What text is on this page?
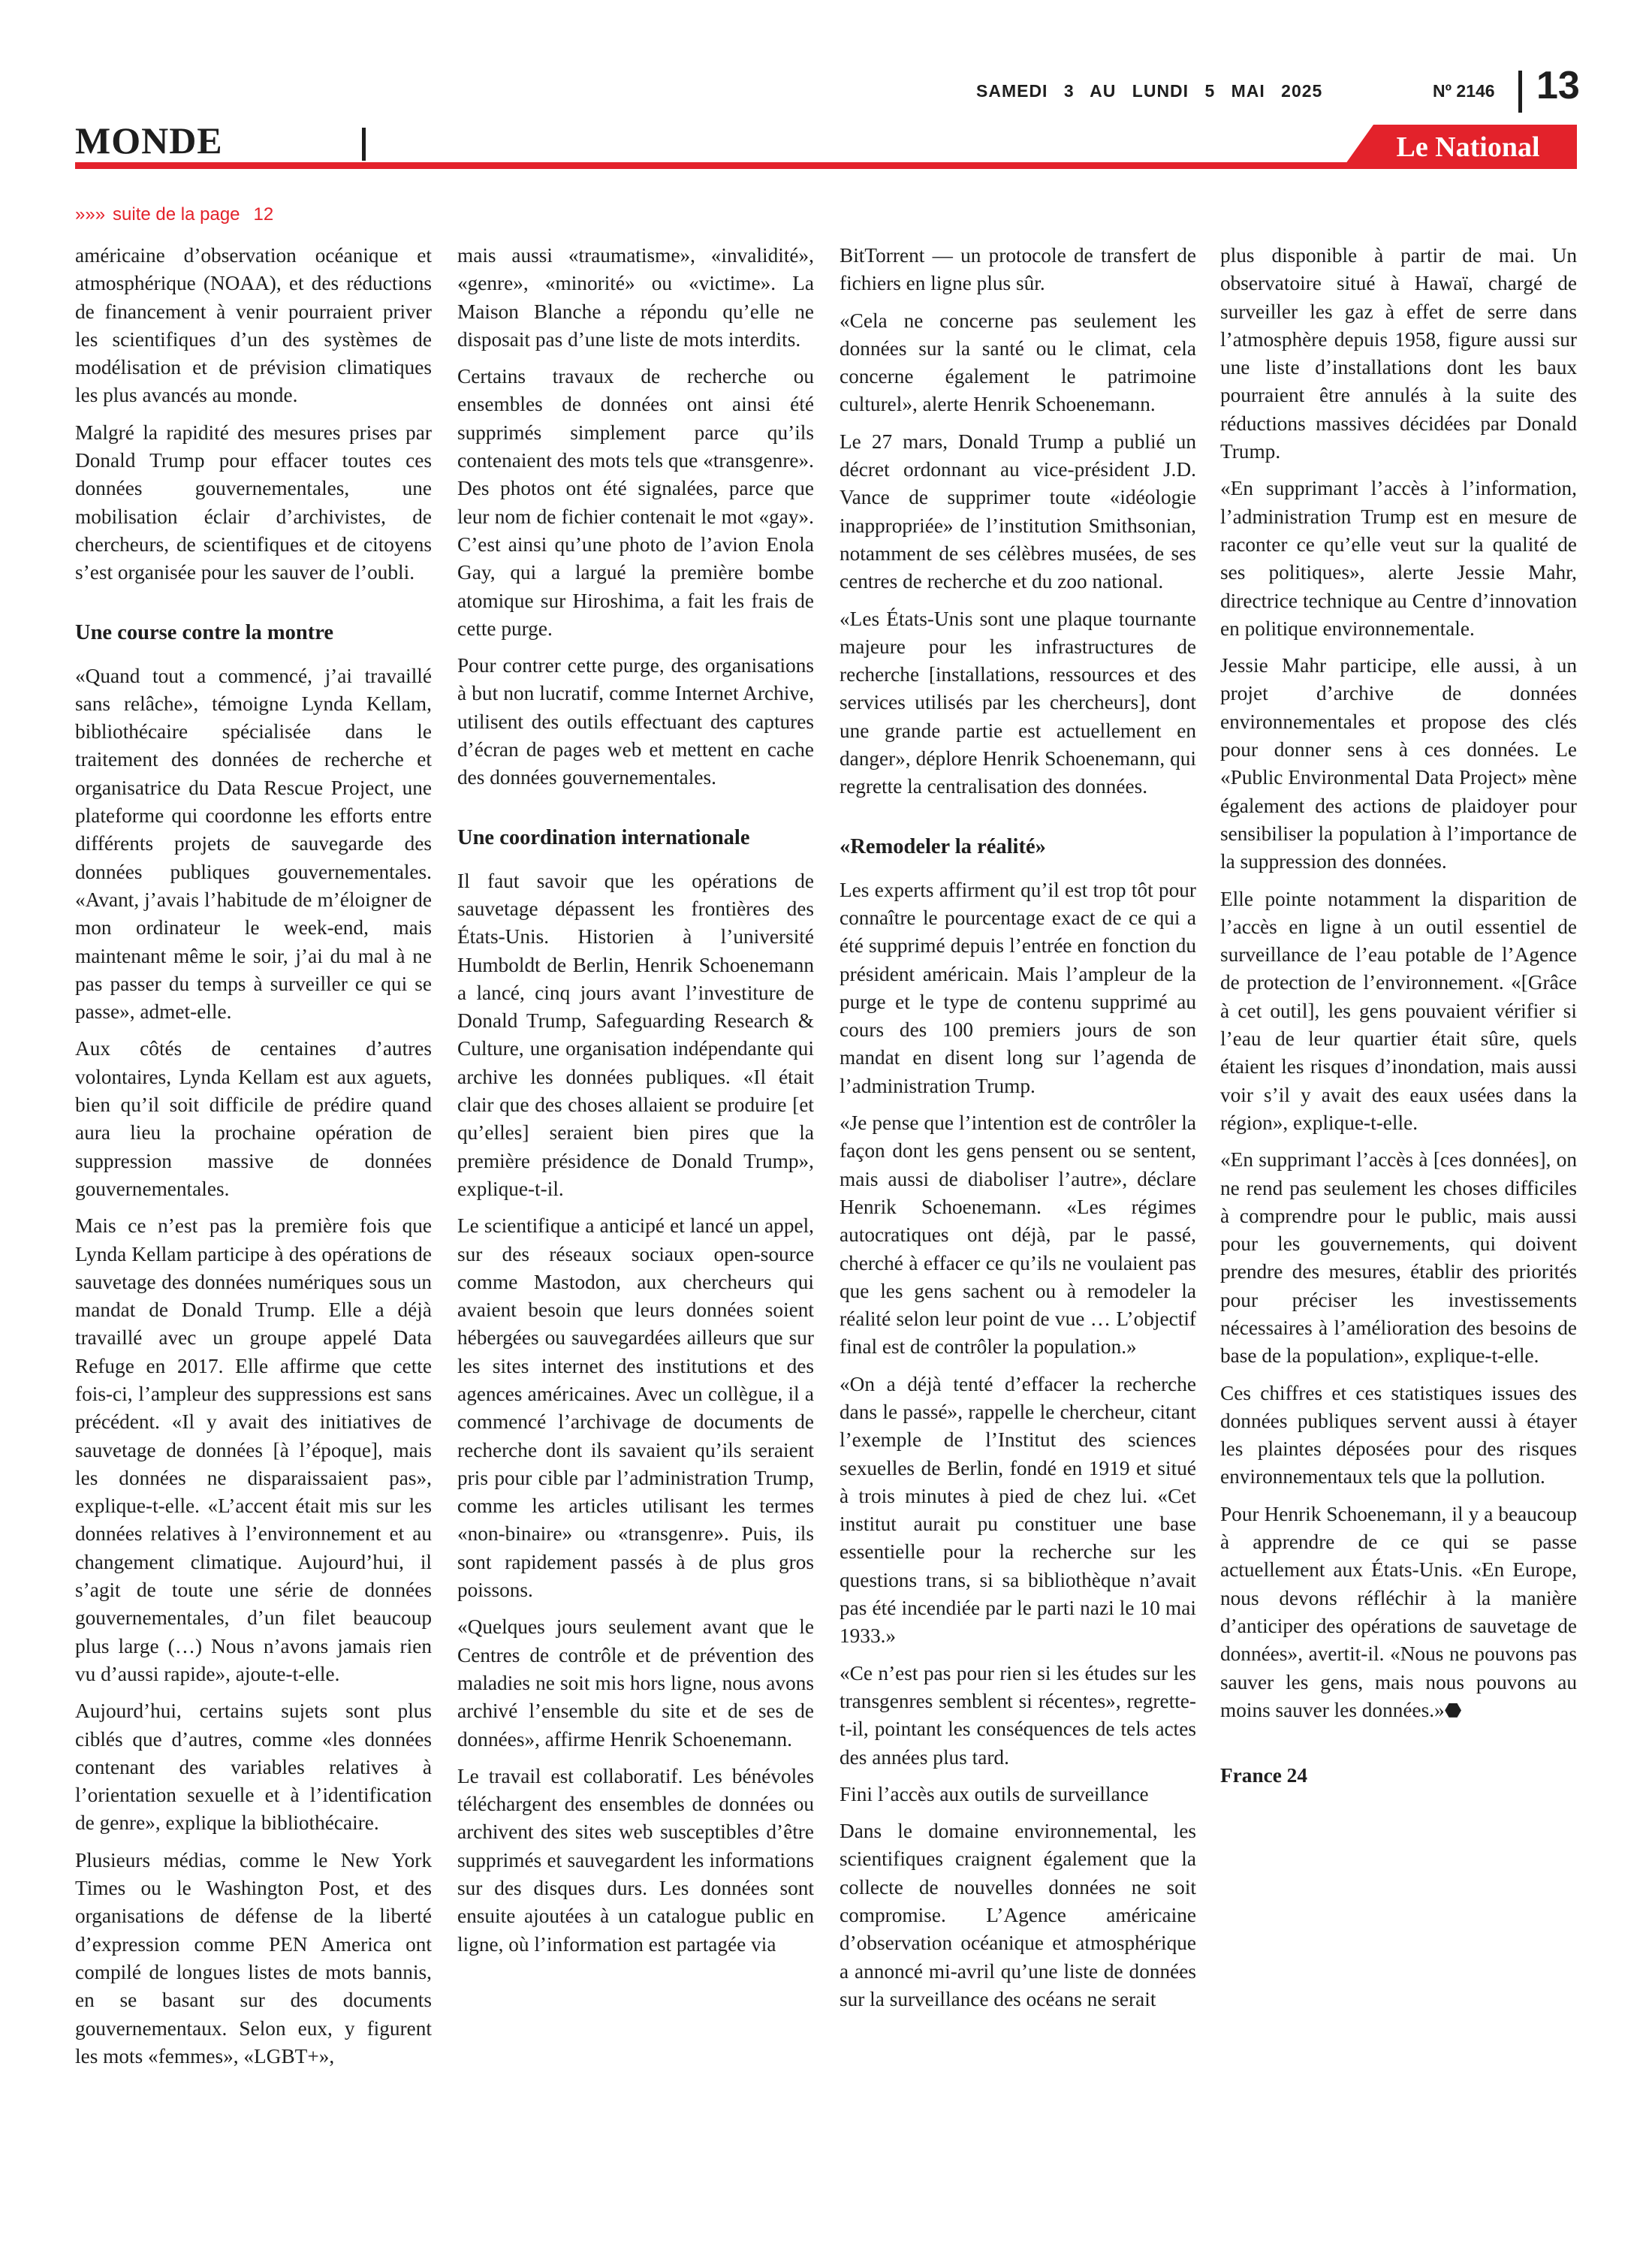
SAMEDI 3 AU LUNDI 5 MAI 2025	Nº 2146 13
MONDE	Le National
»»» suite de la page 12

américaine d’observation océanique et atmosphérique (NOAA), et des réductions de financement à venir pourraient priver les scientifiques d’un des systèmes de modélisation et de prévision climatiques les plus avancés au monde.

Malgré la rapidité des mesures prises par Donald Trump pour effacer toutes ces données gouvernementales, une mobilisation éclair d’archivistes, de chercheurs, de scientifiques et de citoyens s’est organisée pour les sauver de l’oubli.

Une course contre la montre

«Quand tout a commencé, j’ai travaillé sans relâche», témoigne Lynda Kellam, bibliothécaire spécialisée dans le traitement des données de recherche et organisatrice du Data Rescue Project, une plateforme qui coordonne les efforts entre différents projets de sauvegarde des données publiques gouvernementales. «Avant, j’avais l’habitude de m’éloigner de mon ordinateur le week-end, mais maintenant même le soir, j’ai du mal à ne pas passer du temps à surveiller ce qui se passe», admet-elle.

Aux côtés de centaines d’autres volontaires, Lynda Kellam est aux aguets, bien qu’il soit difficile de prédire quand aura lieu la prochaine opération de suppression massive de données gouvernementales.

Mais ce n’est pas la première fois que Lynda Kellam participe à des opérations de sauvetage des données numériques sous un mandat de Donald Trump. Elle a déjà travaillé avec un groupe appelé Data Refuge en 2017. Elle affirme que cette fois-ci, l’ampleur des suppressions est sans précédent. «Il y avait des initiatives de sauvetage de données [à l’époque], mais les données ne disparaissaient pas», explique-t-elle. «L’accent était mis sur les données relatives à l’environnement et au changement climatique. Aujourd’hui, il s’agit de toute une série de données gouvernementales, d’un filet beaucoup plus large (…) Nous n’avons jamais rien vu d’aussi rapide», ajoute-t-elle.

Aujourd’hui, certains sujets sont plus ciblés que d’autres, comme «les données contenant des variables relatives à l’orientation sexuelle et à l’identification de genre», explique la bibliothécaire.

Plusieurs médias, comme le New York Times ou le Washington Post, et des organisations de défense de la liberté d’expression comme PEN America ont compilé de longues listes de mots bannis, en se basant sur des documents gouvernementaux. Selon eux, y figurent les mots «femmes», «LGBT+»,

mais aussi «traumatisme», «invalidité», «genre», «minorité» ou «victime». La Maison Blanche a répondu qu’elle ne disposait pas d’une liste de mots interdits.

Certains travaux de recherche ou ensembles de données ont ainsi été supprimés simplement parce qu’ils contenaient des mots tels que «transgenre». Des photos ont été signalées, parce que leur nom de fichier contenait le mot «gay». C’est ainsi qu’une photo de l’avion Enola Gay, qui a largué la première bombe atomique sur Hiroshima, a fait les frais de cette purge.

Pour contrer cette purge, des organisations à but non lucratif, comme Internet Archive, utilisent des outils effectuant des captures d’écran de pages web et mettent en cache des données gouvernementales.

Une coordination internationale

Il faut savoir que les opérations de sauvetage dépassent les frontières des États-Unis. Historien à l’université Humboldt de Berlin, Henrik Schoenemann a lancé, cinq jours avant l’investiture de Donald Trump, Safeguarding Research & Culture, une organisation indépendante qui archive les données publiques. «Il était clair que des choses allaient se produire [et qu’elles] seraient bien pires que la première présidence de Donald Trump», explique-t-il.

Le scientifique a anticipé et lancé un appel, sur des réseaux sociaux open-source comme Mastodon, aux chercheurs qui avaient besoin que leurs données soient hébergées ou sauvegardées ailleurs que sur les sites internet des institutions et des agences américaines. Avec un collègue, il a commencé l’archivage de documents de recherche dont ils savaient qu’ils seraient pris pour cible par l’administration Trump, comme les articles utilisant les termes «non-binaire» ou «transgenre». Puis, ils sont rapidement passés à de plus gros poissons.

«Quelques jours seulement avant que le Centres de contrôle et de prévention des maladies ne soit mis hors ligne, nous avons archivé l’ensemble du site et de ses de données», affirme Henrik Schoenemann.

Le travail est collaboratif. Les bénévoles téléchargent des ensembles de données ou archivent des sites web susceptibles d’être supprimés et sauvegardent les informations sur des disques durs. Les données sont ensuite ajoutées à un catalogue public en ligne, où l’information est partagée via

BitTorrent — un protocole de transfert de fichiers en ligne plus sûr.

«Cela ne concerne pas seulement les données sur la santé ou le climat, cela concerne également le patrimoine culturel», alerte Henrik Schoenemann.

Le 27 mars, Donald Trump a publié un décret ordonnant au vice-président J.D. Vance de supprimer toute «idéologie inappropriée» de l’institution Smithsonian, notamment de ses célèbres musées, de ses centres de recherche et du zoo national.

«Les États-Unis sont une plaque tournante majeure pour les infrastructures de recherche [installations, ressources et des services utilisés par les chercheurs], dont une grande partie est actuellement en danger», déplore Henrik Schoenemann, qui regrette la centralisation des données.

«Remodeler la réalité»

Les experts affirment qu’il est trop tôt pour connaître le pourcentage exact de ce qui a été supprimé depuis l’entrée en fonction du président américain. Mais l’ampleur de la purge et le type de contenu supprimé au cours des 100 premiers jours de son mandat en disent long sur l’agenda de l’administration Trump.

«Je pense que l’intention est de contrôler la façon dont les gens pensent ou se sentent, mais aussi de diaboliser l’autre», déclare Henrik Schoenemann. «Les régimes autocratiques ont déjà, par le passé, cherché à effacer ce qu’ils ne voulaient pas que les gens sachent ou à remodeler la réalité selon leur point de vue … L’objectif final est de contrôler la population.»

«On a déjà tenté d’effacer la recherche dans le passé», rappelle le chercheur, citant l’exemple de l’Institut des sciences sexuelles de Berlin, fondé en 1919 et situé à trois minutes à pied de chez lui. «Cet institut aurait pu constituer une base essentielle pour la recherche sur les questions trans, si sa bibliothèque n’avait pas été incendiée par le parti nazi le 10 mai 1933.»

«Ce n’est pas pour rien si les études sur les transgenres semblent si récentes», regrette-t-il, pointant les conséquences de tels actes des années plus tard.

Fini l’accès aux outils de surveillance

Dans le domaine environnemental, les scientifiques craignent également que la collecte de nouvelles données ne soit compromise. L’Agence américaine d’observation océanique et atmosphérique a annoncé mi-avril qu’une liste de données sur la surveillance des océans ne serait

plus disponible à partir de mai. Un observatoire situé à Hawaï, chargé de surveiller les gaz à effet de serre dans l’atmosphère depuis 1958, figure aussi sur une liste d’installations dont les baux pourraient être annulés à la suite des réductions massives décidées par Donald Trump.

«En supprimant l’accès à l’information, l’administration Trump est en mesure de raconter ce qu’elle veut sur la qualité de ses politiques», alerte Jessie Mahr, directrice technique au Centre d’innovation en politique environnementale.

Jessie Mahr participe, elle aussi, à un projet d’archive de données environnementales et propose des clés pour donner sens à ces données. Le «Public Environmental Data Project» mène également des actions de plaidoyer pour sensibiliser la population à l’importance de la suppression des données.

Elle pointe notamment la disparition de l’accès en ligne à un outil essentiel de surveillance de l’eau potable de l’Agence de protection de l’environnement. «[Grâce à cet outil], les gens pouvaient vérifier si l’eau de leur quartier était sûre, quels étaient les risques d’inondation, mais aussi voir s’il y avait des eaux usées dans la région», explique-t-elle.

«En supprimant l’accès à [ces données], on ne rend pas seulement les choses difficiles à comprendre pour le public, mais aussi pour les gouvernements, qui doivent prendre des mesures, établir des priorités pour préciser les investissements nécessaires à l’amélioration des besoins de base de la population», explique-t-elle.

Ces chiffres et ces statistiques issues des données publiques servent aussi à étayer les plaintes déposées pour des risques environnementaux tels que la pollution.

Pour Henrik Schoenemann, il y a beaucoup à apprendre de ce qui se passe actuellement aux États-Unis. «En Europe, nous devons réfléchir à la manière d’anticiper des opérations de sauvetage de données», avertit-il. «Nous ne pouvons pas sauver les gens, mais nous pouvons au moins sauver les données.»⬣

France 24
